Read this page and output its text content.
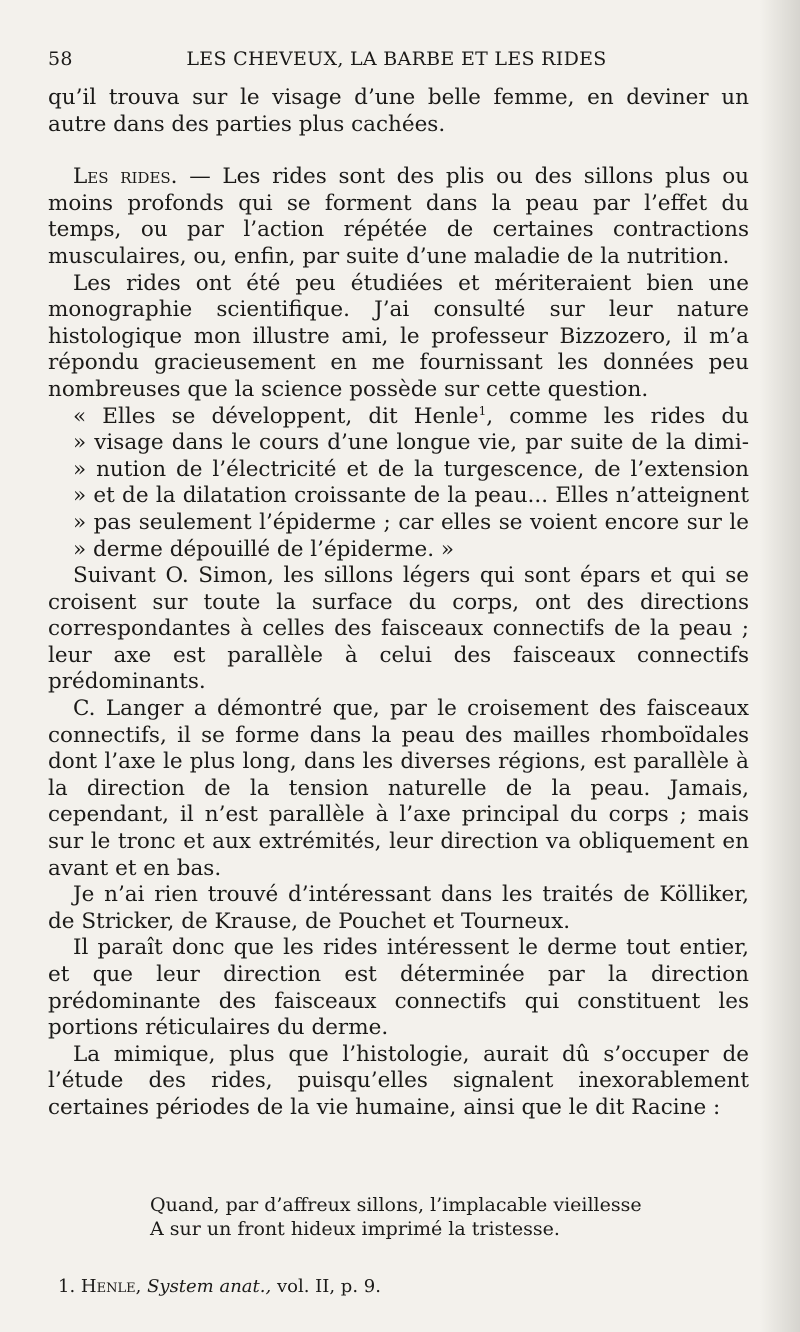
58	LES CHEVEUX, LA BARBE ET LES RIDES

qu’il trouva sur le visage d’une belle femme, en deviner un autre dans des parties plus cachées.

Les rides. — Les rides sont des plis ou des sillons plus ou moins profonds qui se forment dans la peau par l’effet du temps, ou par l’action répétée de certaines contractions musculaires, ou, enfin, par suite d’une maladie de la nutrition.

Les rides ont été peu étudiées et mériteraient bien une monographie scientifique. J’ai consulté sur leur nature histologique mon illustre ami, le professeur Bizzozero, il m’a répondu gracieusement en me fournissant les données peu nombreuses que la science possède sur cette question.

« Elles se développent, dit Henle$^1$, comme les rides du
» visage dans le cours d’une longue vie, par suite de la dimi-
» nution de l’électricité et de la turgescence, de l’extension
» et de la dilatation croissante de la peau... Elles n’atteignent
» pas seulement l’épiderme ; car elles se voient encore sur le
» derme dépouillé de l’épiderme. »

Suivant O. Simon, les sillons légers qui sont épars et qui se croisent sur toute la surface du corps, ont des directions correspondantes à celles des faisceaux connectifs de la peau ; leur axe est parallèle à celui des faisceaux connectifs prédominants.

C. Langer a démontré que, par le croisement des faisceaux connectifs, il se forme dans la peau des mailles rhomboïdales dont l’axe le plus long, dans les diverses régions, est parallèle à la direction de la tension naturelle de la peau. Jamais, cependant, il n’est parallèle à l’axe principal du corps ; mais sur le tronc et aux extrémités, leur direction va obliquement en avant et en bas.

Je n’ai rien trouvé d’intéressant dans les traités de Kölliker, de Stricker, de Krause, de Pouchet et Tourneux.

Il paraît donc que les rides intéressent le derme tout entier, et que leur direction est déterminée par la direction prédominante des faisceaux connectifs qui constituent les portions réticulaires du derme.

La mimique, plus que l’histologie, aurait dû s’occuper de l’étude des rides, puisqu’elles signalent inexorablement certaines périodes de la vie humaine, ainsi que le dit Racine :

Quand, par d’affreux sillons, l’implacable vieillesse
A sur un front hideux imprimé la tristesse.
1. Henle, System anat., vol. II, p. 9.
